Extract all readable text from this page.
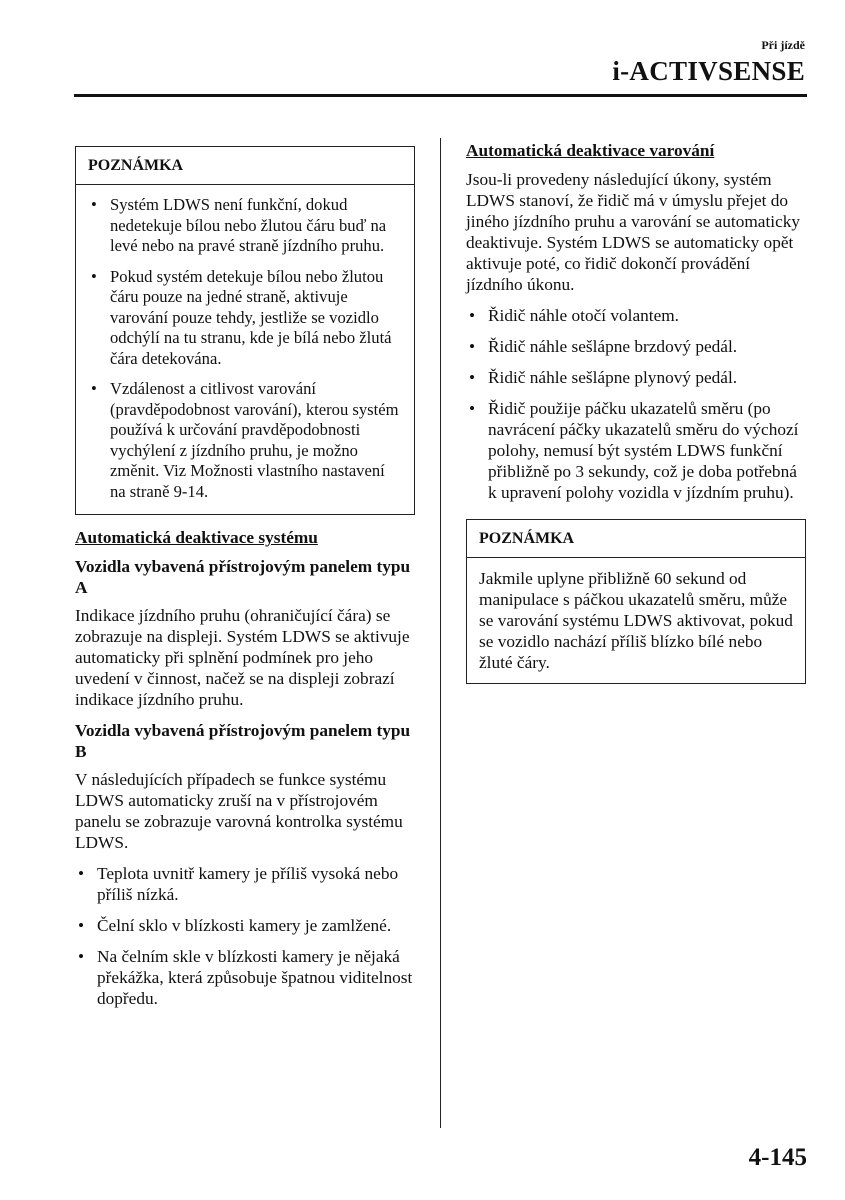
Při jízdě
i-ACTIVSENSE
POZNÁMKA
• Systém LDWS není funkční, dokud nedetekuje bílou nebo žlutou čáru buď na levé nebo na pravé straně jízdního pruhu.
• Pokud systém detekuje bílou nebo žlutou čáru pouze na jedné straně, aktivuje varování pouze tehdy, jestliže se vozidlo odchýlí na tu stranu, kde je bílá nebo žlutá čára detekována.
• Vzdálenost a citlivost varování (pravděpodobnost varování), kterou systém používá k určování pravděpodobnosti vychýlení z jízdního pruhu, je možno změnit. Viz Možnosti vlastního nastavení na straně 9-14.
Automatická deaktivace systému
Vozidla vybavená přístrojovým panelem typu A

Indikace jízdního pruhu (ohraničující čára) se zobrazuje na displeji. Systém LDWS se aktivuje automaticky při splnění podmínek pro jeho uvedení v činnost, načež se na displeji zobrazí indikace jízdního pruhu.

Vozidla vybavená přístrojovým panelem typu B

V následujících případech se funkce systému LDWS automaticky zruší na v přístrojovém panelu se zobrazuje varovná kontrolka systému LDWS.

• Teplota uvnitř kamery je příliš vysoká nebo příliš nízká.
• Čelní sklo v blízkosti kamery je zamlžené.
• Na čelním skle v blízkosti kamery je nějaká překážka, která způsobuje špatnou viditelnost dopředu.
Automatická deaktivace varování

Jsou-li provedeny následující úkony, systém LDWS stanoví, že řidič má v úmyslu přejet do jiného jízdního pruhu a varování se automaticky deaktivuje. Systém LDWS se automaticky opět aktivuje poté, co řidič dokončí provádění jízdního úkonu.

• Řidič náhle otočí volantem.
• Řidič náhle sešlápne brzdový pedál.
• Řidič náhle sešlápne plynový pedál.
• Řidič použije páčku ukazatelů směru (po navrácení páčky ukazatelů směru do výchozí polohy, nemusí být systém LDWS funkční přibližně po 3 sekundy, což je doba potřebná k upravení polohy vozidla v jízdním pruhu).
POZNÁMKA

Jakmile uplyne přibližně 60 sekund od manipulace s páčkou ukazatelů směru, může se varování systému LDWS aktivovat, pokud se vozidlo nachází příliš blízko bílé nebo žluté čáry.

4-145
